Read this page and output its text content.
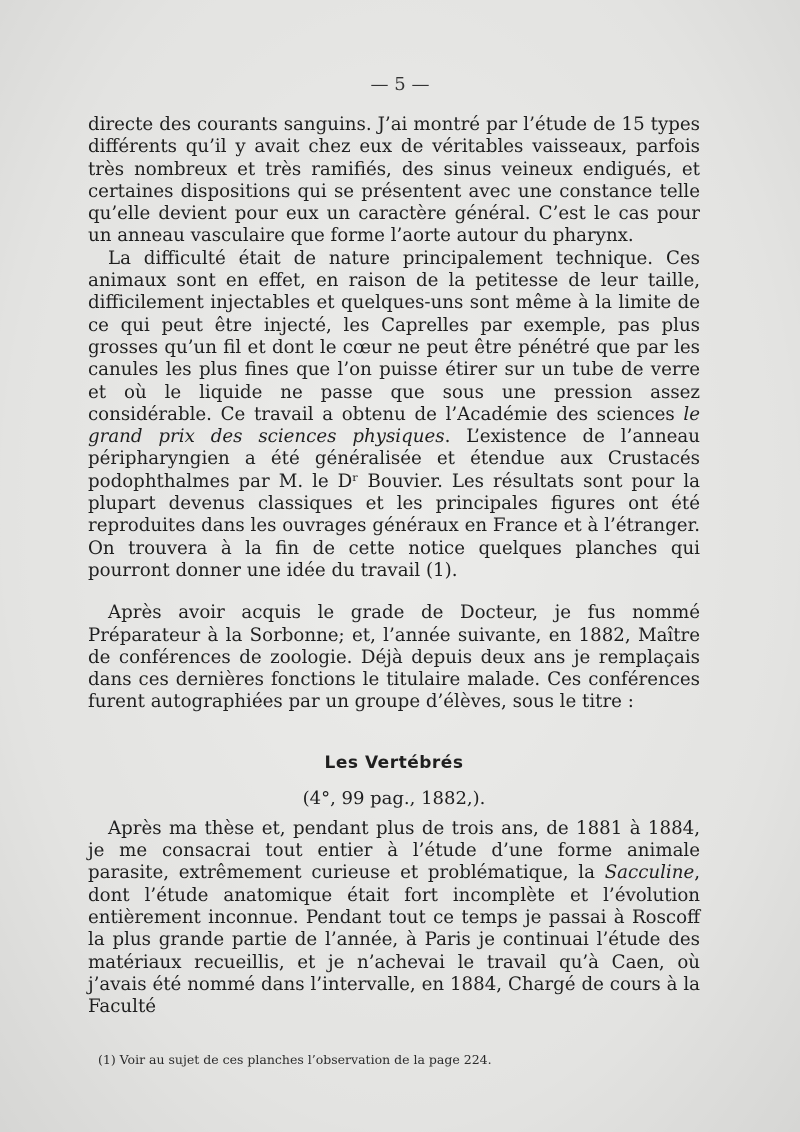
— 5 —

directe des courants sanguins. J’ai montré par l’étude de 15 types différents qu’il y avait chez eux de véritables vaisseaux, parfois très nombreux et très ramifiés, des sinus veineux endigués, et certaines dispositions qui se présentent avec une constance telle qu’elle devient pour eux un caractère général. C’est le cas pour un anneau vasculaire que forme l’aorte autour du pharynx.

La difficulté était de nature principalement technique. Ces animaux sont en effet, en raison de la petitesse de leur taille, difficilement injectables et quelques-uns sont même à la limite de ce qui peut être injecté, les Caprelles par exemple, pas plus grosses qu’un fil et dont le cœur ne peut être pénétré que par les canules les plus fines que l’on puisse étirer sur un tube de verre et où le liquide ne passe que sous une pression assez considérable. Ce travail a obtenu de l’Académie des sciences le grand prix des sciences physiques. L’existence de l’anneau péripharyngien a été généralisée et étendue aux Crustacés podophthalmes par M. le Dʳ Bouvier. Les résultats sont pour la plupart devenus classiques et les principales figures ont été reproduites dans les ouvrages généraux en France et à l’étranger. On trouvera à la fin de cette notice quelques planches qui pourront donner une idée du travail (1).

Après avoir acquis le grade de Docteur, je fus nommé Préparateur à la Sorbonne; et, l’année suivante, en 1882, Maître de conférences de zoologie. Déjà depuis deux ans je remplaçais dans ces dernières fonctions le titulaire malade. Ces conférences furent autographiées par un groupe d’élèves, sous le titre :

Les Vertébrés
(4°, 99 pag., 1882,).

Après ma thèse et, pendant plus de trois ans, de 1881 à 1884, je me consacrai tout entier à l’étude d’une forme animale parasite, extrêmement curieuse et problématique, la Sacculine, dont l’étude anatomique était fort incomplète et l’évolution entièrement inconnue. Pendant tout ce temps je passai à Roscoff la plus grande partie de l’année, à Paris je continuai l’étude des matériaux recueillis, et je n’achevai le travail qu’à Caen, où j’avais été nommé dans l’intervalle, en 1884, Chargé de cours à la Faculté

(1) Voir au sujet de ces planches l’observation de la page 224.
